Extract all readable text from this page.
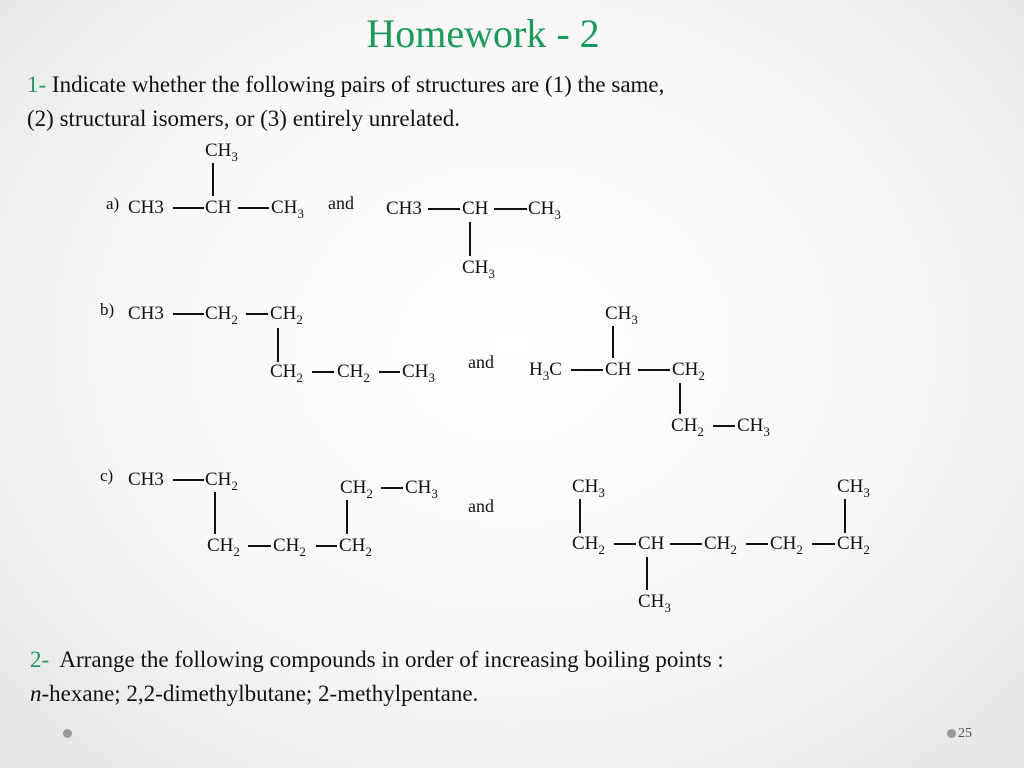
Homework - 2
1- Indicate whether the following pairs of structures are (1) the same,
(2) structural isomers, or (3) entirely unrelated.
a)
$CH_3$
CH3 CH $CH_3$
and CH3 CH $CH_3$
$CH_3$
b) CH3 $CH_2$ $CH_2$
$CH_2$ $CH_2$ $CH_3$
and
$CH_3$
$H_3C$ CH $CH_2$
$CH_2$ $CH_3$
c) CH3 $CH_2$	$CH_2$ $CH_3$
$CH_2$ $CH_2$ $CH_2$
and
$CH_3$	$CH_3$
$CH_2$ CH $CH_2$ $CH_2$ $CH_2$
$CH_3$
2- Arrange the following compounds in order of increasing boiling points :
n-hexane; 2,2-dimethylbutane; 2-methylpentane.
25
